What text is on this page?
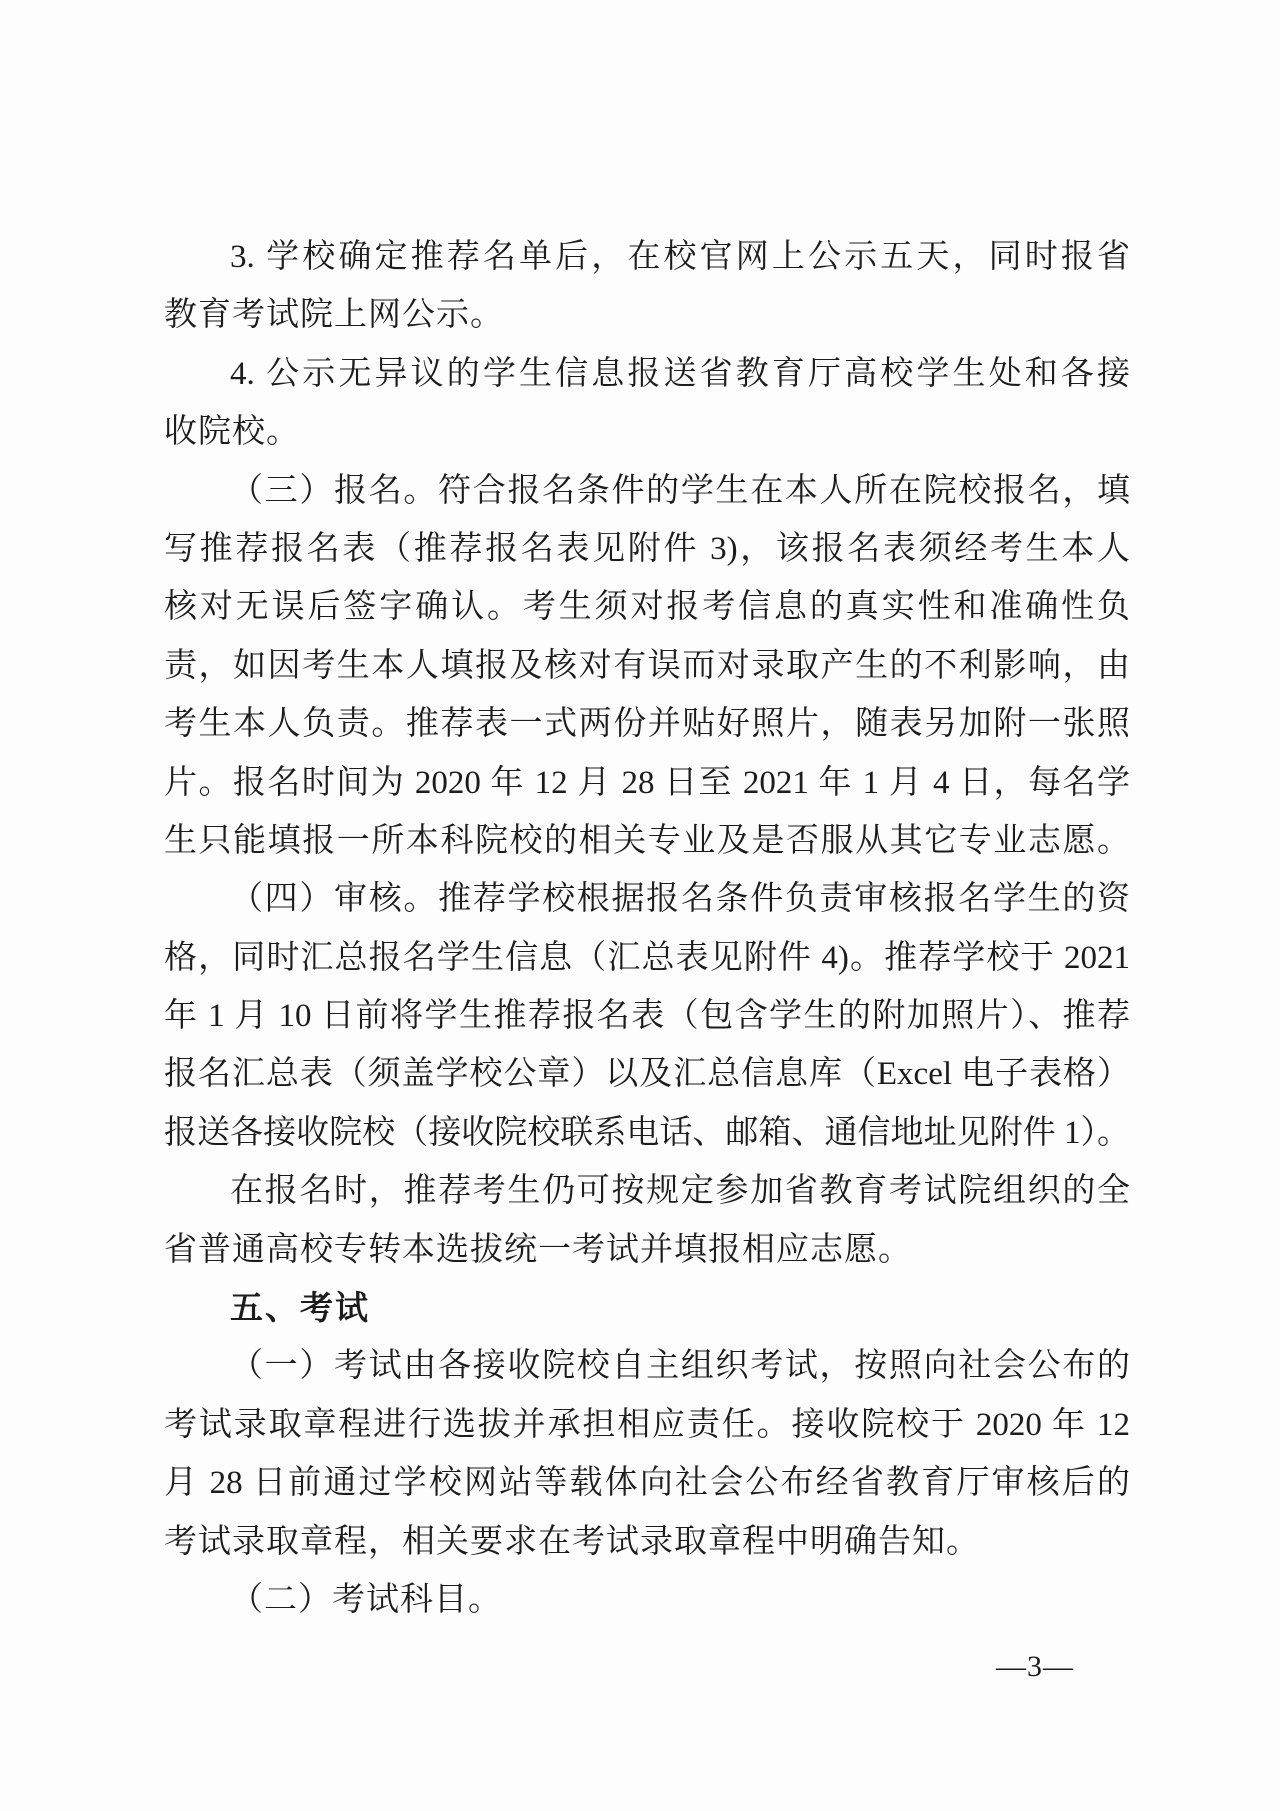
3. 学校确定推荐名单后，在校官网上公示五天，同时报省
教育考试院上网公示。
4. 公示无异议的学生信息报送省教育厅高校学生处和各接
收院校。
（三）报名。符合报名条件的学生在本人所在院校报名，填
写推荐报名表（推荐报名表见附件 3)，该报名表须经考生本人
核对无误后签字确认。考生须对报考信息的真实性和准确性负
责，如因考生本人填报及核对有误而对录取产生的不利影响，由
考生本人负责。推荐表一式两份并贴好照片，随表另加附一张照
片。报名时间为 2020 年 12 月 28 日至 2021 年 1 月 4 日，每名学
生只能填报一所本科院校的相关专业及是否服从其它专业志愿。
（四）审核。推荐学校根据报名条件负责审核报名学生的资
格，同时汇总报名学生信息（汇总表见附件 4)。推荐学校于 2021
年 1 月 10 日前将学生推荐报名表（包含学生的附加照片）、推荐
报名汇总表（须盖学校公章）以及汇总信息库（Excel 电子表格）
报送各接收院校（接收院校联系电话、邮箱、通信地址见附件 1）。
在报名时，推荐考生仍可按规定参加省教育考试院组织的全
省普通高校专转本选拔统一考试并填报相应志愿。
五、考试
（一）考试由各接收院校自主组织考试，按照向社会公布的
考试录取章程进行选拔并承担相应责任。接收院校于 2020 年 12
月 28 日前通过学校网站等载体向社会公布经省教育厅审核后的
考试录取章程，相关要求在考试录取章程中明确告知。
（二）考试科目。
—3—
